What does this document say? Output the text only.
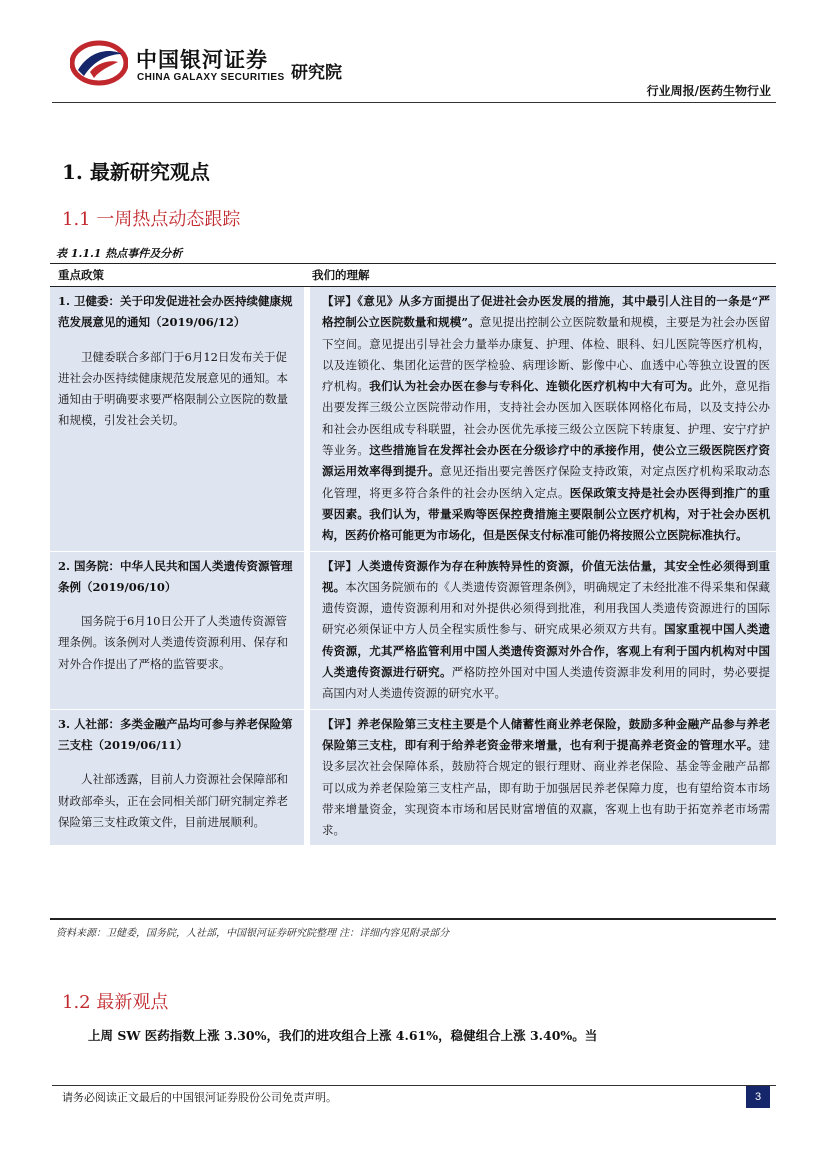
中国银河证券
CHINA GALAXY SECURITIES 研究院
行业周报/医药生物行业
1. 最新研究观点
1.1 一周热点动态跟踪
表 1.1.1 热点事件及分析
重点政策	我们的理解
1. 卫健委：关于印发促进社会办医持续健康规范发展意见的通知（2019/06/12）
卫健委联合多部门于6月12日发布关于促进社会办医持续健康规范发展意见的通知。本通知由于明确要求要严格限制公立医院的数量和规模，引发社会关切。
【评】《意见》从多方面提出了促进社会办医发展的措施，其中最引人注目的一条是“严格控制公立医院数量和规模”。意见提出控制公立医院数量和规模，主要是为社会办医留下空间。意见提出引导社会力量举办康复、护理、体检、眼科、妇儿医院等医疗机构，以及连锁化、集团化运营的医学检验、病理诊断、影像中心、血透中心等独立设置的医疗机构。我们认为社会办医在参与专科化、连锁化医疗机构中大有可为。此外，意见指出要发挥三级公立医院带动作用，支持社会办医加入医联体网格化布局，以及支持公办和社会办医组成专科联盟，社会办医优先承接三级公立医院下转康复、护理、安宁疗护等业务。这些措施旨在发挥社会办医在分级诊疗中的承接作用，使公立三级医院医疗资源运用效率得到提升。意见还指出要完善医疗保险支持政策，对定点医疗机构采取动态化管理，将更多符合条件的社会办医纳入定点。医保政策支持是社会办医得到推广的重要因素。我们认为，带量采购等医保控费措施主要限制公立医疗机构，对于社会办医机构，医药价格可能更为市场化，但是医保支付标准可能仍将按照公立医院标准执行。
2. 国务院：中华人民共和国人类遗传资源管理条例（2019/06/10）
国务院于6月10日公开了人类遗传资源管理条例。该条例对人类遗传资源利用、保存和对外合作提出了严格的监管要求。
【评】人类遗传资源作为存在种族特异性的资源，价值无法估量，其安全性必须得到重视。本次国务院颁布的《人类遗传资源管理条例》，明确规定了未经批准不得采集和保藏遗传资源，遗传资源利用和对外提供必须得到批准，利用我国人类遗传资源进行的国际研究必须保证中方人员全程实质性参与、研究成果必须双方共有。国家重视中国人类遗传资源，尤其严格监管利用中国人类遗传资源对外合作，客观上有利于国内机构对中国人类遗传资源进行研究。严格防控外国对中国人类遗传资源非发利用的同时，势必要提高国内对人类遗传资源的研究水平。
3. 人社部：多类金融产品均可参与养老保险第三支柱（2019/06/11）
人社部透露，目前人力资源社会保障部和财政部牵头，正在会同相关部门研究制定养老保险第三支柱政策文件，目前进展顺利。
【评】养老保险第三支柱主要是个人储蓄性商业养老保险，鼓励多种金融产品参与养老保险第三支柱，即有利于给养老资金带来增量，也有利于提高养老资金的管理水平。建设多层次社会保障体系，鼓励符合规定的银行理财、商业养老保险、基金等金融产品都可以成为养老保险第三支柱产品，即有助于加强居民养老保障力度，也有望给资本市场带来增量资金，实现资本市场和居民财富增值的双赢，客观上也有助于拓宽养老市场需求。
资料来源：卫健委，国务院，人社部，中国银河证券研究院整理 注：详细内容见附录部分
1.2 最新观点
上周 SW 医药指数上涨 3.30%，我们的进攻组合上涨 4.61%，稳健组合上涨 3.40%。当
请务必阅读正文最后的中国银河证券股份公司免责声明。	3
